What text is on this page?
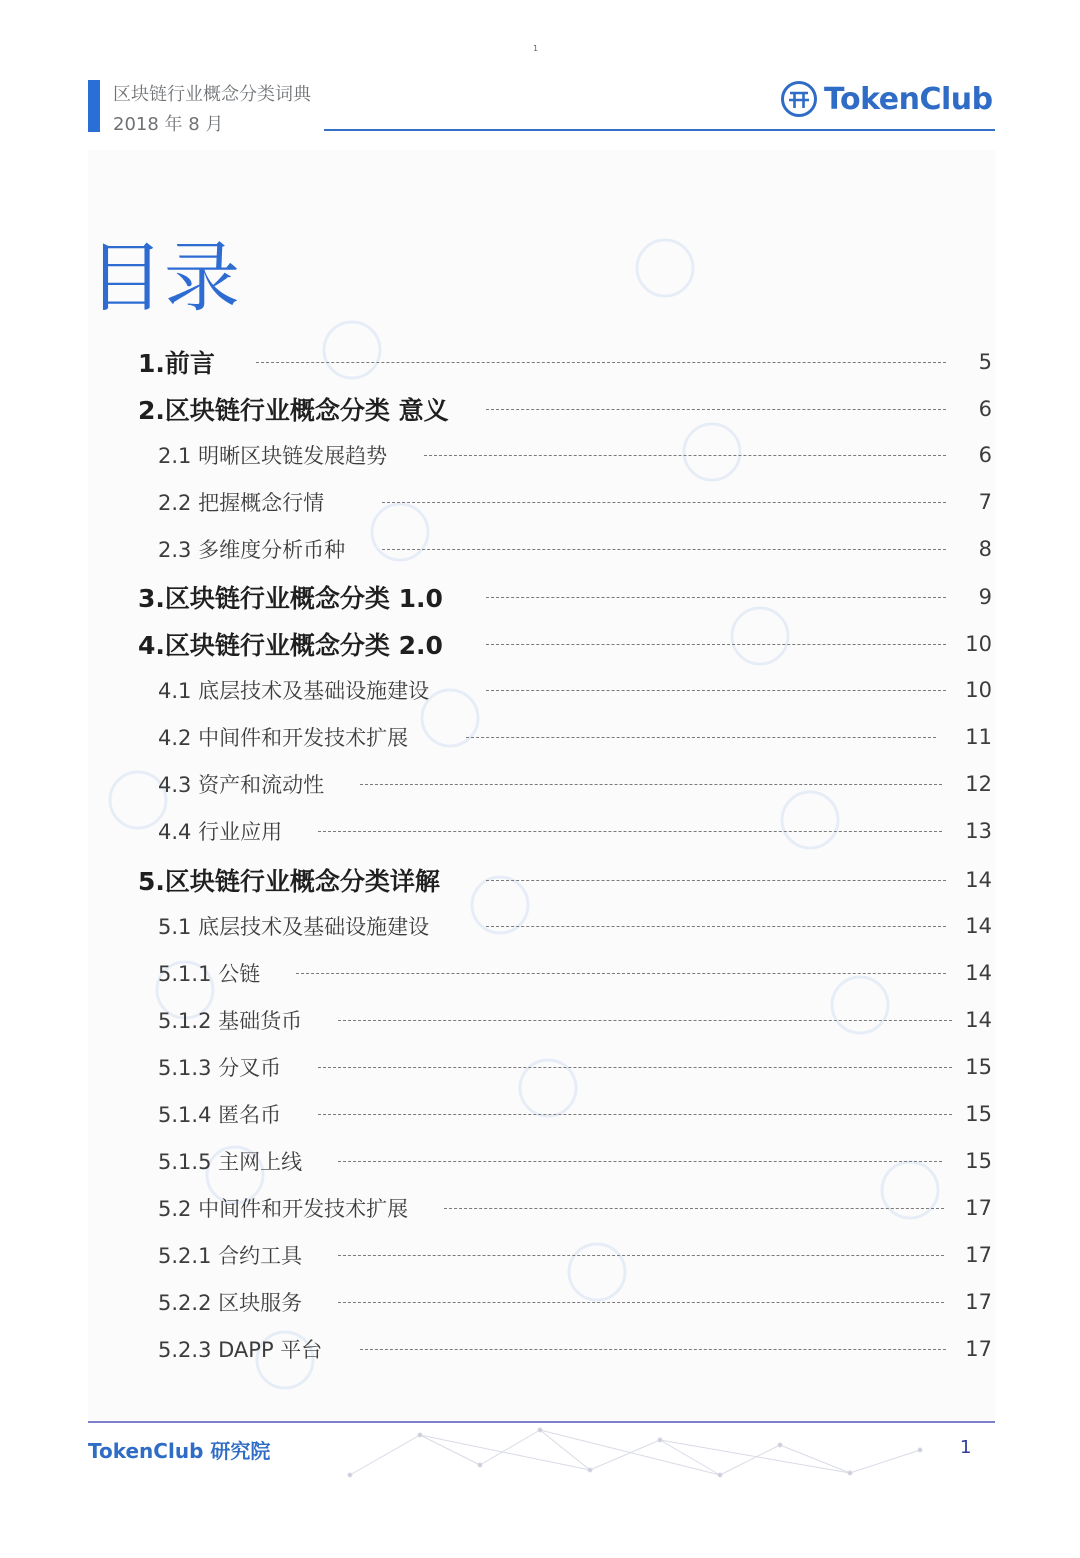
1
区块链行业概念分类词典
2018 年 8 月
TokenClub
目录
1.前言	5
2.区块链行业概念分类 意义	6
2.1 明晰区块链发展趋势	6
2.2 把握概念行情	7
2.3 多维度分析币种	8
3.区块链行业概念分类 1.0	9
4.区块链行业概念分类 2.0	10
4.1 底层技术及基础设施建设	10
4.2 中间件和开发技术扩展	11
4.3 资产和流动性	12
4.4 行业应用	13
5.区块链行业概念分类详解	14
5.1 底层技术及基础设施建设	14
5.1.1 公链	14
5.1.2 基础货币	14
5.1.3 分叉币	15
5.1.4 匿名币	15
5.1.5 主网上线	15
5.2 中间件和开发技术扩展	17
5.2.1 合约工具	17
5.2.2 区块服务	17
5.2.3 DAPP 平台	17
TokenClub 研究院	1
